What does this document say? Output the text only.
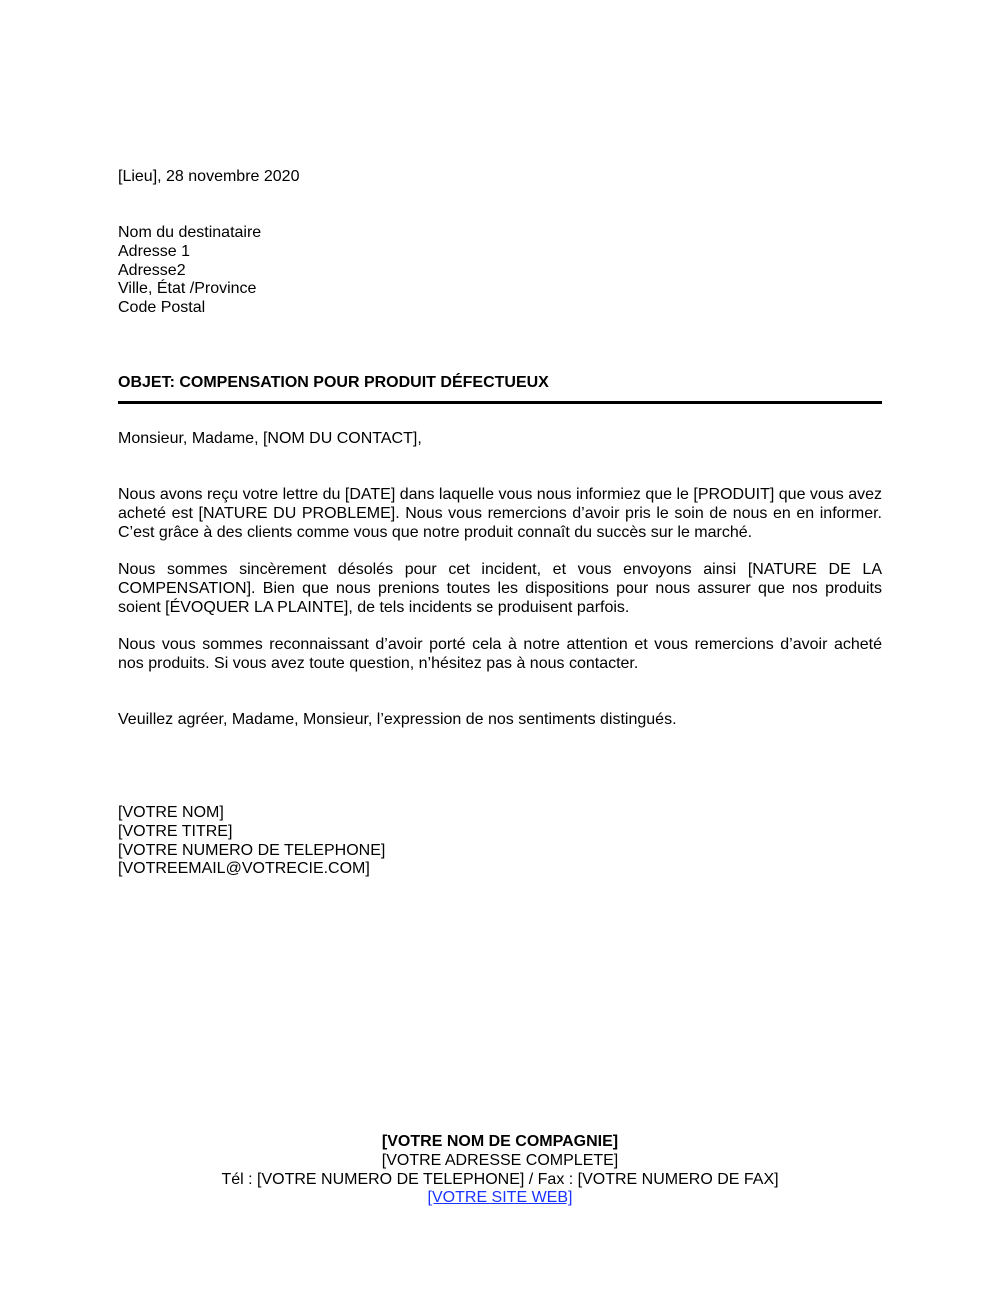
[Lieu], 28 novembre 2020
Nom du destinataire
Adresse 1
Adresse2
Ville, État /Province
Code Postal
OBJET: COMPENSATION POUR PRODUIT DÉFECTUEUX
Monsieur, Madame, [NOM DU CONTACT],
Nous avons reçu votre lettre du [DATE] dans laquelle vous nous informiez que le [PRODUIT] que vous avez acheté est [NATURE DU PROBLEME]. Nous vous remercions d’avoir pris le soin de nous en en informer. C’est grâce à des clients comme vous que notre produit connaît du succès sur le marché.
Nous sommes sincèrement désolés pour cet incident, et vous envoyons ainsi [NATURE DE LA COMPENSATION]. Bien que nous prenions toutes les dispositions pour nous assurer que nos produits soient [ÉVOQUER LA PLAINTE], de tels incidents se produisent parfois.
Nous vous sommes reconnaissant d’avoir porté cela à notre attention et vous remercions d’avoir acheté nos produits. Si vous avez toute question, n’hésitez pas à nous contacter.
Veuillez agréer, Madame, Monsieur, l’expression de nos sentiments distingués.
[VOTRE NOM]
[VOTRE TITRE]
[VOTRE NUMERO DE TELEPHONE]
[VOTREEMAIL@VOTRECIE.COM]
[VOTRE NOM DE COMPAGNIE]
[VOTRE ADRESSE COMPLETE]
Tél : [VOTRE NUMERO DE TELEPHONE] / Fax : [VOTRE NUMERO DE FAX]
[VOTRE SITE WEB]
